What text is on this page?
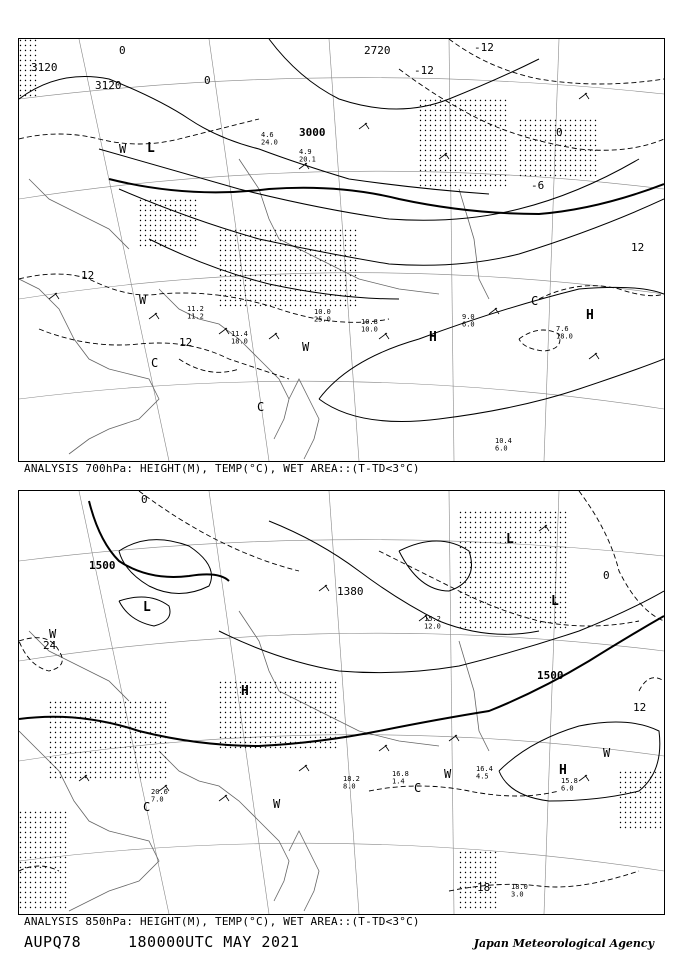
3120
3120
2720
3000
0
0
12
12
12
-12
-12
-6
0
H
H
L
W
W
C
W
C
C
11.4 18.0
10.0 25.0	10.8 10.0
9.0 6.0
7.6 18.0
10.4 6.0
11.2 11.2
4.9 20.1
4.6 24.0
ANALYSIS 700hPa: HEIGHT(M), TEMP(°C), WET AREA::(T-TD<3°C)
1500
1500
1380
0
24
12
18
0
L
L
L
H
H
W
W
C
C
W
W
16.8 1.4
16.4 4.5
15.8 6.0
18.0 3.0
18.2 8.0
15.2 12.0
20.6 7.0
ANALYSIS 850hPa: HEIGHT(M), TEMP(°C), WET AREA::(T-TD<3°C)
AUPQ78	180000UTC MAY 2021	Japan Meteorological Agency
